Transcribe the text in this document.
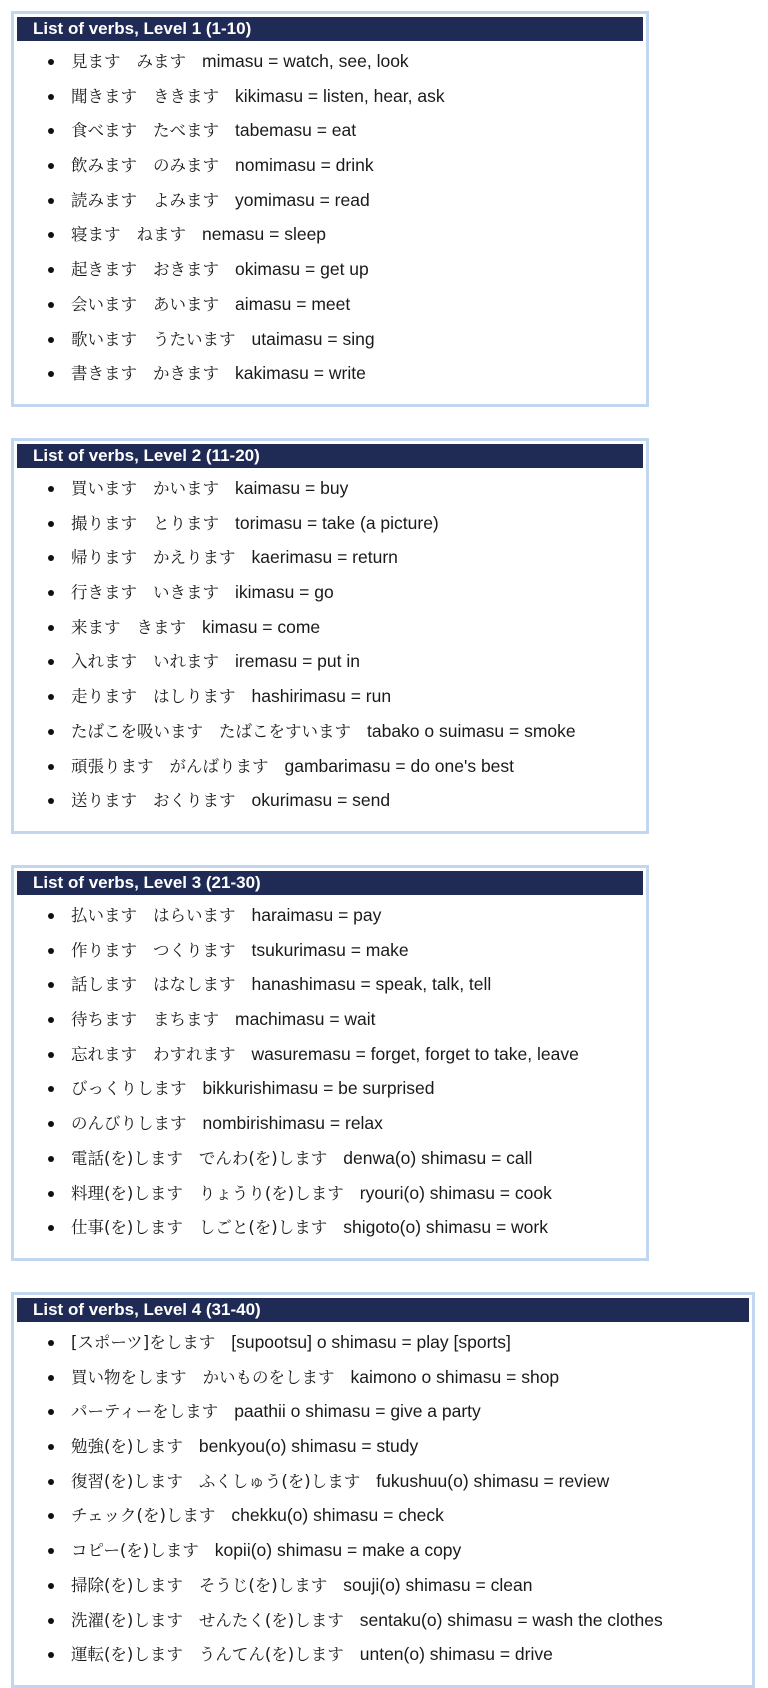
List of verbs, Level 1 (1-10)
見ます みます mimasu = watch, see, look
聞きます ききます kikimasu = listen, hear, ask
食べます たべます tabemasu = eat
飲みます のみます nomimasu = drink
読みます よみます yomimasu = read
寝ます ねます nemasu = sleep
起きます おきます okimasu = get up
会います あいます aimasu = meet
歌います うたいます utaimasu = sing
書きます かきます kakimasu = write
List of verbs, Level 2 (11-20)
買います かいます kaimasu = buy
撮ります とります torimasu = take (a picture)
帰ります かえります kaerimasu = return
行きます いきます ikimasu = go
来ます きます kimasu = come
入れます いれます iremasu = put in
走ります はしります hashirimasu = run
たばこを吸います たばこをすいます tabako o suimasu = smoke
頑張ります がんばります gambarimasu = do one's best
送ります おくります okurimasu = send
List of verbs, Level 3 (21-30)
払います はらいます haraimasu = pay
作ります つくります tsukurimasu = make
話します はなします hanashimasu = speak, talk, tell
待ちます まちます machimasu = wait
忘れます わすれます wasuremasu = forget, forget to take, leave
びっくりします bikkurishimasu = be surprised
のんびりします nombirishimasu = relax
電話(を)します でんわ(を)します denwa(o) shimasu = call
料理(を)します りょうり(を)します ryouri(o) shimasu = cook
仕事(を)します しごと(を)します shigoto(o) shimasu = work
List of verbs, Level 4 (31-40)
[スポーツ]をします [supootsu] o shimasu = play [sports]
買い物をします かいものをします kaimono o shimasu = shop
パーティーをします paathii o shimasu = give a party
勉強(を)します benkyou(o) shimasu = study
復習(を)します ふくしゅう(を)します fukushuu(o) shimasu = review
チェック(を)します chekku(o) shimasu = check
コピー(を)します kopii(o) shimasu = make a copy
掃除(を)します そうじ(を)します souji(o) shimasu = clean
洗濯(を)します せんたく(を)します sentaku(o) shimasu = wash the clothes
運転(を)します うんてん(を)します unten(o) shimasu = drive
